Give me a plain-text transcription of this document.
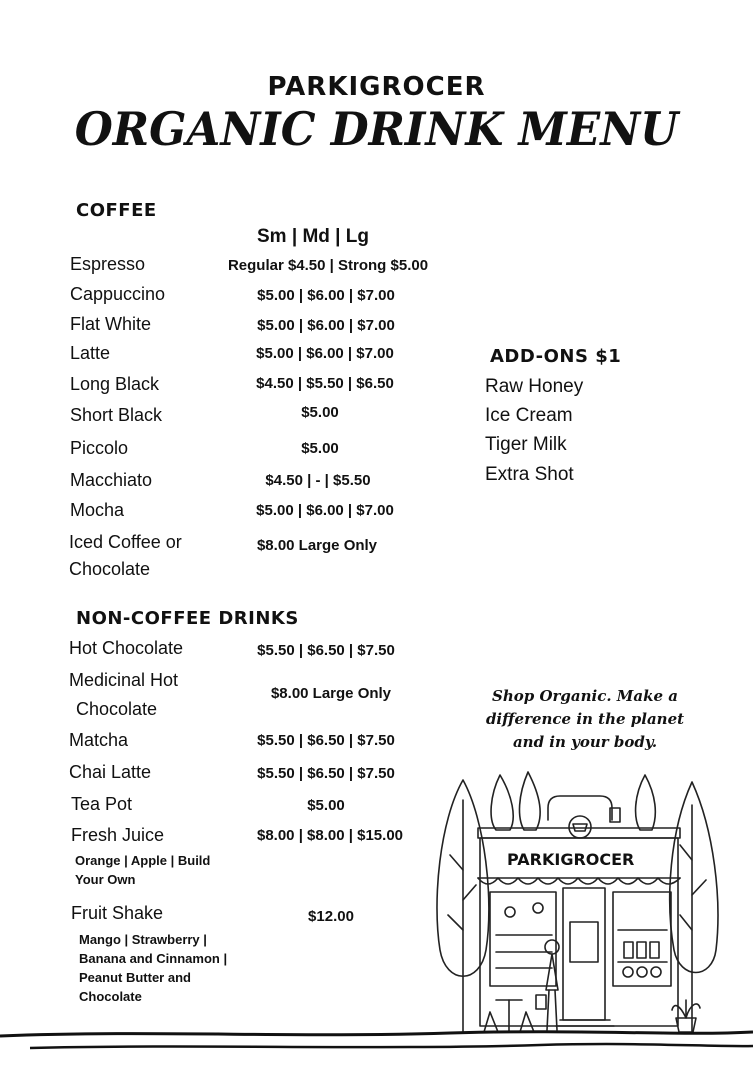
PARKIGROCER
ORGANIC DRINK MENU
COFFEE
Sm | Md | Lg
Espresso	Regular $4.50 | Strong $5.00
Cappuccino	$5.00 | $6.00 | $7.00
Flat White	$5.00 | $6.00 | $7.00
Latte	$5.00 | $6.00 | $7.00
Long Black	$4.50 | $5.50 | $6.50
Short Black	$5.00
Piccolo	$5.00
Macchiato	$4.50 | - | $5.50
Mocha	$5.00 | $6.00 | $7.00
Iced Coffee or
Chocolate
$8.00 Large Only
ADD-ONS $1
Raw Honey
Ice Cream
Tiger Milk
Extra Shot
NON-COFFEE DRINKS
Hot Chocolate	$5.50 | $6.50 | $7.50
Medicinal Hot
Chocolate
$8.00 Large Only
Matcha	$5.50 | $6.50 | $7.50
Chai Latte	$5.50 | $6.50 | $7.50
Tea Pot	$5.00
Fresh Juice	$8.00 | $8.00 | $15.00
Orange | Apple | Build Your Own
Fruit Shake	$12.00
Mango | Strawberry | Banana and Cinnamon | Peanut Butter and Chocolate
Shop Organic. Make a difference in the planet and in your body.
PARKIGROCER
